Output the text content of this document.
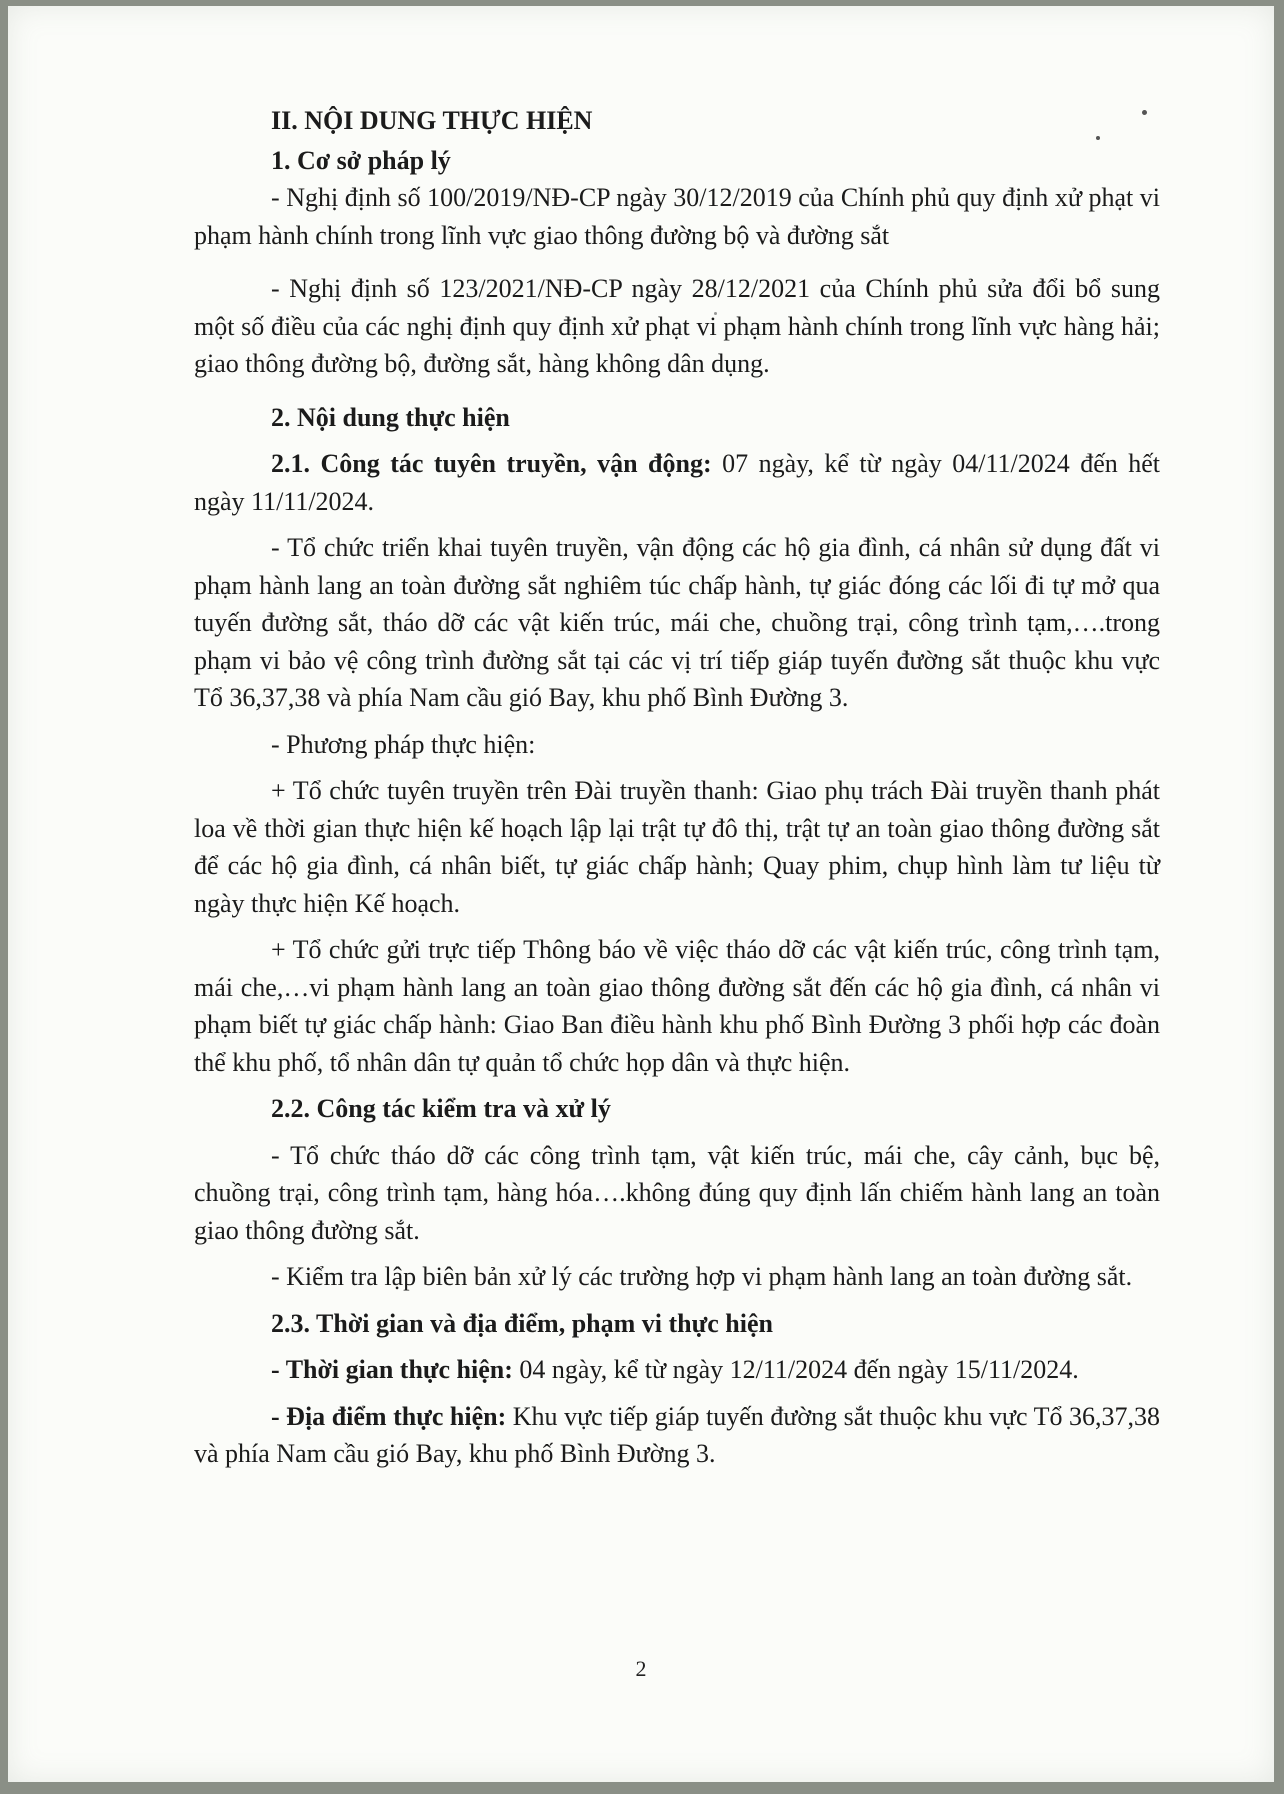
II. NỘI DUNG THỰC HIỆN

1. Cơ sở pháp lý

- Nghị định số 100/2019/NĐ-CP ngày 30/12/2019 của Chính phủ quy định xử phạt vi phạm hành chính trong lĩnh vực giao thông đường bộ và đường sắt

- Nghị định số 123/2021/NĐ-CP ngày 28/12/2021 của Chính phủ sửa đổi bổ sung một số điều của các nghị định quy định xử phạt vi phạm hành chính trong lĩnh vực hàng hải; giao thông đường bộ, đường sắt, hàng không dân dụng.

2. Nội dung thực hiện

2.1. Công tác tuyên truyền, vận động: 07 ngày, kể từ ngày 04/11/2024 đến hết ngày 11/11/2024.

- Tổ chức triển khai tuyên truyền, vận động các hộ gia đình, cá nhân sử dụng đất vi phạm hành lang an toàn đường sắt nghiêm túc chấp hành, tự giác đóng các lối đi tự mở qua tuyến đường sắt, tháo dỡ các vật kiến trúc, mái che, chuồng trại, công trình tạm,….trong phạm vi bảo vệ công trình đường sắt tại các vị trí tiếp giáp tuyến đường sắt thuộc khu vực Tổ 36,37,38 và phía Nam cầu gió Bay, khu phố Bình Đường 3.

- Phương pháp thực hiện:

+ Tổ chức tuyên truyền trên Đài truyền thanh: Giao phụ trách Đài truyền thanh phát loa về thời gian thực hiện kế hoạch lập lại trật tự đô thị, trật tự an toàn giao thông đường sắt để các hộ gia đình, cá nhân biết, tự giác chấp hành; Quay phim, chụp hình làm tư liệu từ ngày thực hiện Kế hoạch.

+ Tổ chức gửi trực tiếp Thông báo về việc tháo dỡ các vật kiến trúc, công trình tạm, mái che,…vi phạm hành lang an toàn giao thông đường sắt đến các hộ gia đình, cá nhân vi phạm biết tự giác chấp hành: Giao Ban điều hành khu phố Bình Đường 3 phối hợp các đoàn thể khu phố, tổ nhân dân tự quản tổ chức họp dân và thực hiện.

2.2. Công tác kiểm tra và xử lý

- Tổ chức tháo dỡ các công trình tạm, vật kiến trúc, mái che, cây cảnh, bục bệ, chuồng trại, công trình tạm, hàng hóa….không đúng quy định lấn chiếm hành lang an toàn giao thông đường sắt.

- Kiểm tra lập biên bản xử lý các trường hợp vi phạm hành lang an toàn đường sắt.

2.3. Thời gian và địa điểm, phạm vi thực hiện

- Thời gian thực hiện: 04 ngày, kể từ ngày 12/11/2024 đến ngày 15/11/2024.

- Địa điểm thực hiện: Khu vực tiếp giáp tuyến đường sắt thuộc khu vực Tổ 36,37,38 và phía Nam cầu gió Bay, khu phố Bình Đường 3.

2
